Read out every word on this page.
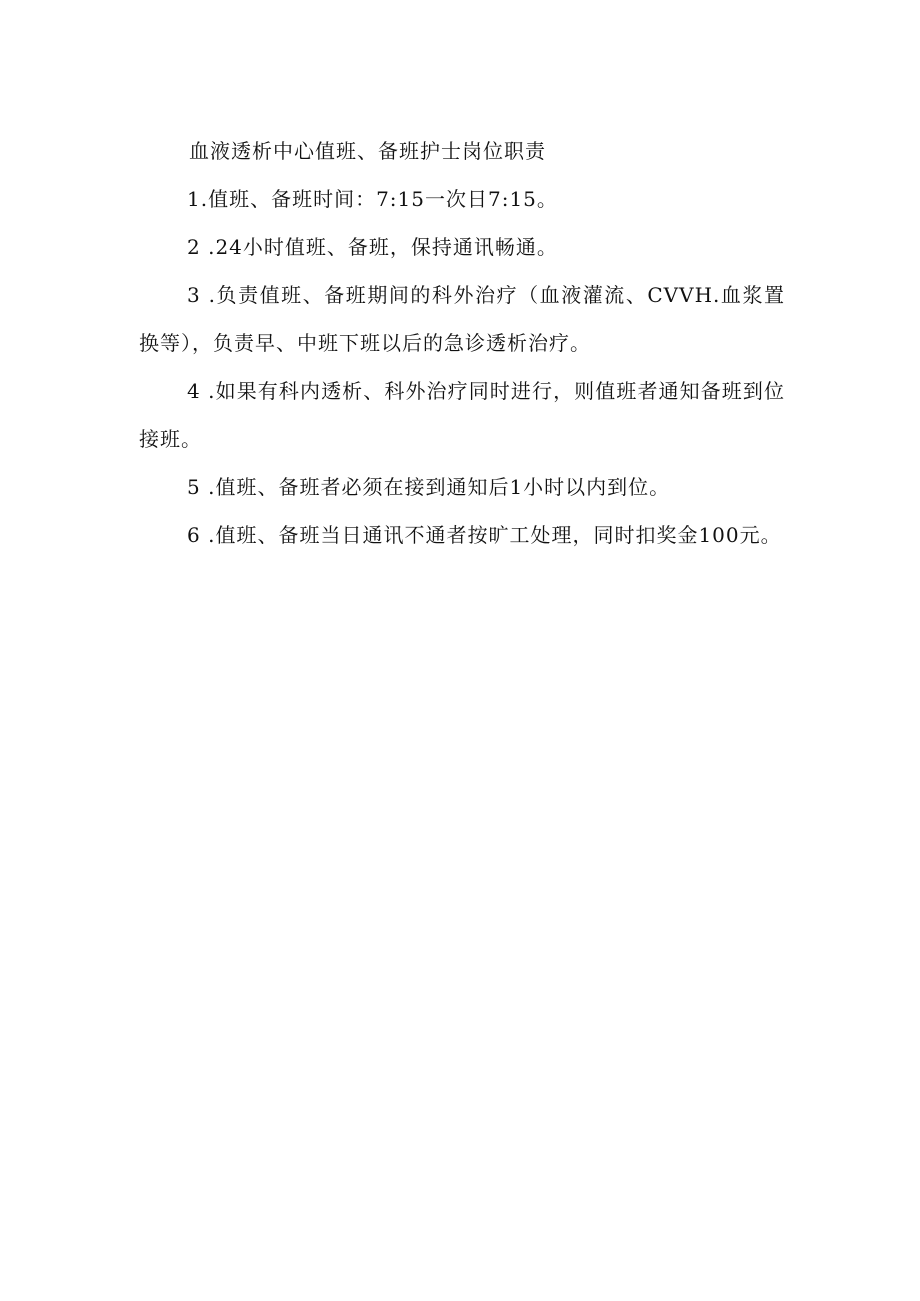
血液透析中心值班、备班护士岗位职责

1.值班、备班时间：7:15一次日7:15。

2 .24小时值班、备班，保持通讯畅通。

3 .负责值班、备班期间的科外治疗（血液灌流、CVVH.血浆置换等），负责早、中班下班以后的急诊透析治疗。

4 .如果有科内透析、科外治疗同时进行，则值班者通知备班到位接班。

5 .值班、备班者必须在接到通知后1小时以内到位。

6 .值班、备班当日通讯不通者按旷工处理，同时扣奖金100元。
